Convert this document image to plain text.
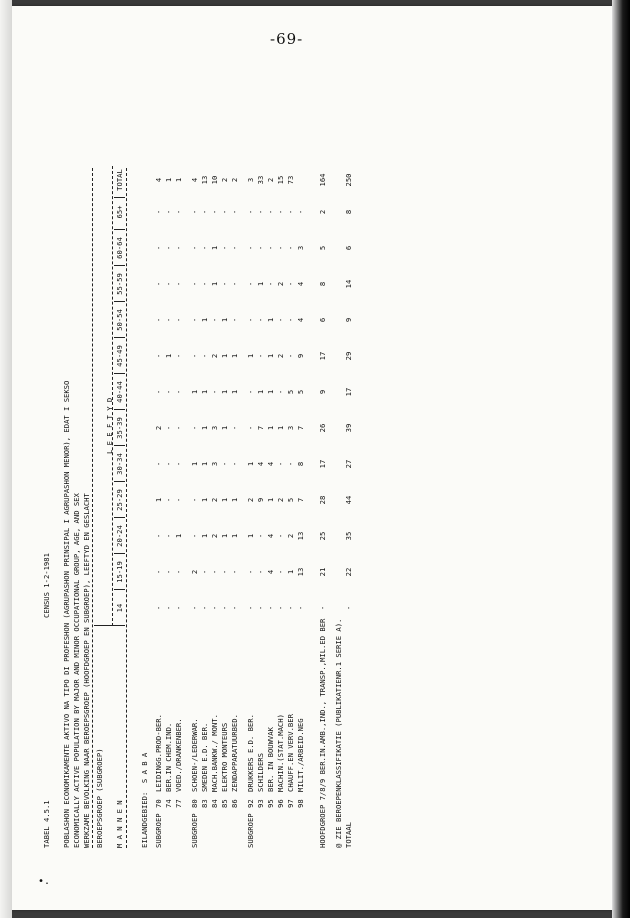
-69-
•.

TABEL 4.5.1

CENSUS 1-2-1981

POBLASHON ECONOMIKAMENTE AKTIVO NA TIPO DI PROFESHON (AGRUPASHON PRINSIPAL I AGRUPASHON MENOR), EDAT I SEKSO

ECONOMICALLY ACTIVE POPULATION BY MAJOR AND MINOR OCCUPATIONAL GROUP, AGE, AND SEX

WERKZAME BEVOLKING NAAR BEROEPSGROEP (HOOFDGROEP EN SUBGROEP), LEEFTYD EN GESLACHT

BEROEPSGROEP (SUBGROEP)

L E E F T Y D

M A N N E N

14
15-19
20-24
25-29
30-34
35-39
40-44
45-49
50-54
55-59
60-64
65+
TOTAL

EILANDGEBIED:  S A B A

SUBGROEP
LEIDINGG.PROD-BER.
-
-
-
1
-
2
-
-
-
-
-
-
4
70
BER.IN CHEM.IND.
-
-
-
-
-
-
-
1
-
-
-
-
1
74
VOED./DRANKENBER.
-
-
1
-
-
-
-
-
-
-
-
-
1
77
SUBGROEP
SCHOEN-/LEDERWAR.
-
2
-
-
1
-
1
-
-
-
-
-
4
80
SMEDEN E.D. BER.
-
-
1
1
1
1
1
-
1
-
-
-
13
83
MACH.BANKW./ MONT.
-
-
2
2
3
3
-
2
-
1
1
-
10
84
ELEKTRO MONTEURS
-
-
1
1
-
1
1
1
1
-
-
-
2
85
ZENDAPPARATUURBED.
-
-
1
1
-
-
1
1
-
-
-
-
2
86
SUBGROEP
DRUKKERS E.D. BER.
-
-
1
2
1
-
-
1
-
-
-
-
3
92
SCHILDERS
-
-
-
9
4
7
1
-
-
1
-
-
33
93
BER. IN BOUWVAK
-
4
4
1
4
1
1
1
1
-
-
-
2
95
MACHIN.(STAT.MACH)
-
-
-
2
-
1
-
2
-
2
-
-
15
96
CHAUFF.EN VERV.BER
-
1
2
5
-
3
5
-
-
-
-
-
73
97
MILIT./ARBEID.NEG
-
13
13
7
8
7
5
9
4
4
3
-
98 HOOFDGROEP 7/8/9 BER.IN.AMB.,IND., TRANSP.,MIL.ED BER
-
21
25
28
17
26
9
17
6
8
5
2
164
TOTAAL
-
22
35
44
27
39
17
29
9
14
6
8
250

@ ZIE BEROEPENKLASSIFIKATIE (PUBLIKATIENR.1 SERIE A).
